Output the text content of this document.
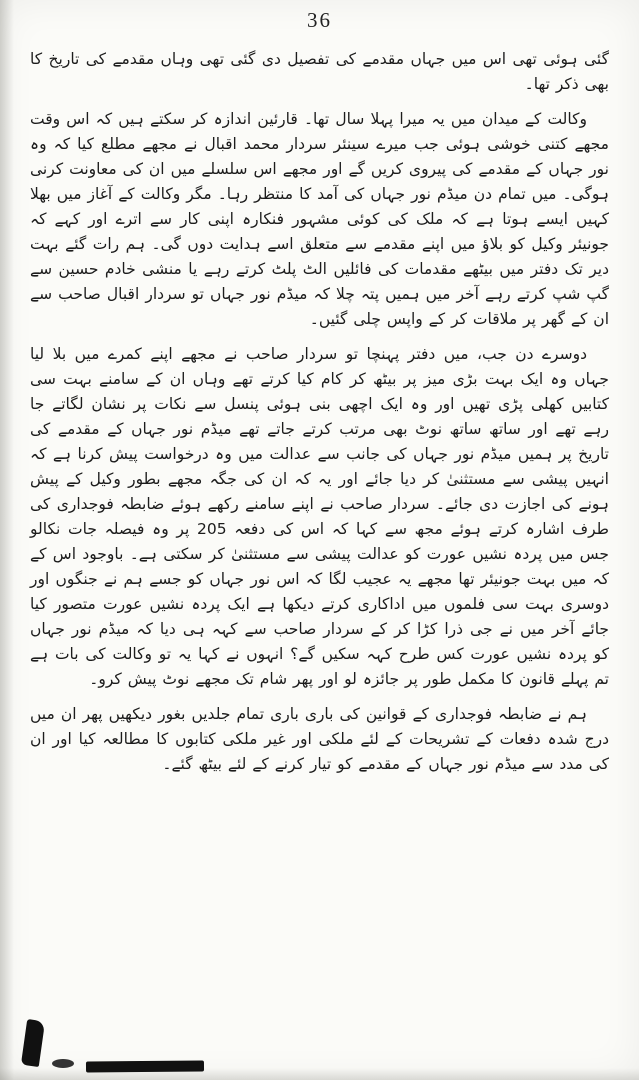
36

گئی ہوئی تھی اس میں جہاں مقدمے کی تفصیل دی گئی تھی وہاں مقدمے کی تاریخ کا بھی ذکر تھا۔

وکالت کے میدان میں یہ میرا پہلا سال تھا۔ قارئین اندازہ کر سکتے ہیں کہ اس وقت مجھے کتنی خوشی ہوئی جب میرے سینئر سردار محمد اقبال نے مجھے مطلع کیا کہ وہ نور جہاں کے مقدمے کی پیروی کریں گے اور مجھے اس سلسلے میں ان کی معاونت کرنی ہوگی۔ میں تمام دن میڈم نور جہاں کی آمد کا منتظر رہا۔ مگر وکالت کے آغاز میں بھلا کہیں ایسے ہوتا ہے کہ ملک کی کوئی مشہور فنکارہ اپنی کار سے اترے اور کہے کہ جونیئر وکیل کو بلاؤ میں اپنے مقدمے سے متعلق اسے ہدایت دوں گی۔ ہم رات گئے بہت دیر تک دفتر میں بیٹھے مقدمات کی فائلیں الٹ پلٹ کرتے رہے یا منشی خادم حسین سے گپ شپ کرتے رہے آخر میں ہمیں پتہ چلا کہ میڈم نور جہاں تو سردار اقبال صاحب سے ان کے گھر پر ملاقات کر کے واپس چلی گئیں۔

دوسرے دن جب، میں دفتر پہنچا تو سردار صاحب نے مجھے اپنے کمرے میں بلا لیا جہاں وہ ایک بہت بڑی میز پر بیٹھ کر کام کیا کرتے تھے وہاں ان کے سامنے بہت سی کتابیں کھلی پڑی تھیں اور وہ ایک اچھی بنی ہوئی پنسل سے نکات پر نشان لگاتے جا رہے تھے اور ساتھ ساتھ نوٹ بھی مرتب کرتے جاتے تھے میڈم نور جہاں کے مقدمے کی تاریخ پر ہمیں میڈم نور جہاں کی جانب سے عدالت میں وہ درخواست پیش کرنا ہے کہ انہیں پیشی سے مستثنیٰ کر دیا جائے اور یہ کہ ان کی جگہ مجھے بطور وکیل کے پیش ہونے کی اجازت دی جائے۔ سردار صاحب نے اپنے سامنے رکھے ہوئے ضابطہ فوجداری کی طرف اشارہ کرتے ہوئے مجھ سے کہا کہ اس کی دفعہ 205 پر وہ فیصلہ جات نکالو جس میں پردہ نشیں عورت کو عدالت پیشی سے مستثنیٰ کر سکتی ہے۔ باوجود اس کے کہ میں بہت جونیئر تھا مجھے یہ عجیب لگا کہ اس نور جہاں کو جسے ہم نے جنگوں اور دوسری بہت سی فلموں میں اداکاری کرتے دیکھا ہے ایک پردہ نشیں عورت متصور کیا جائے آخر میں نے جی ذرا کڑا کر کے سردار صاحب سے کہہ ہی دیا کہ میڈم نور جہاں کو پردہ نشیں عورت کس طرح کہہ سکیں گے؟ انہوں نے کہا یہ تو وکالت کی بات ہے تم پہلے قانون کا مکمل طور پر جائزہ لو اور پھر شام تک مجھے نوٹ پیش کرو۔

ہم نے ضابطہ فوجداری کے قوانین کی باری باری تمام جلدیں بغور دیکھیں پھر ان میں درج شدہ دفعات کے تشریحات کے لئے ملکی اور غیر ملکی کتابوں کا مطالعہ کیا اور ان کی مدد سے میڈم نور جہاں کے مقدمے کو تیار کرنے کے لئے بیٹھ گئے۔
